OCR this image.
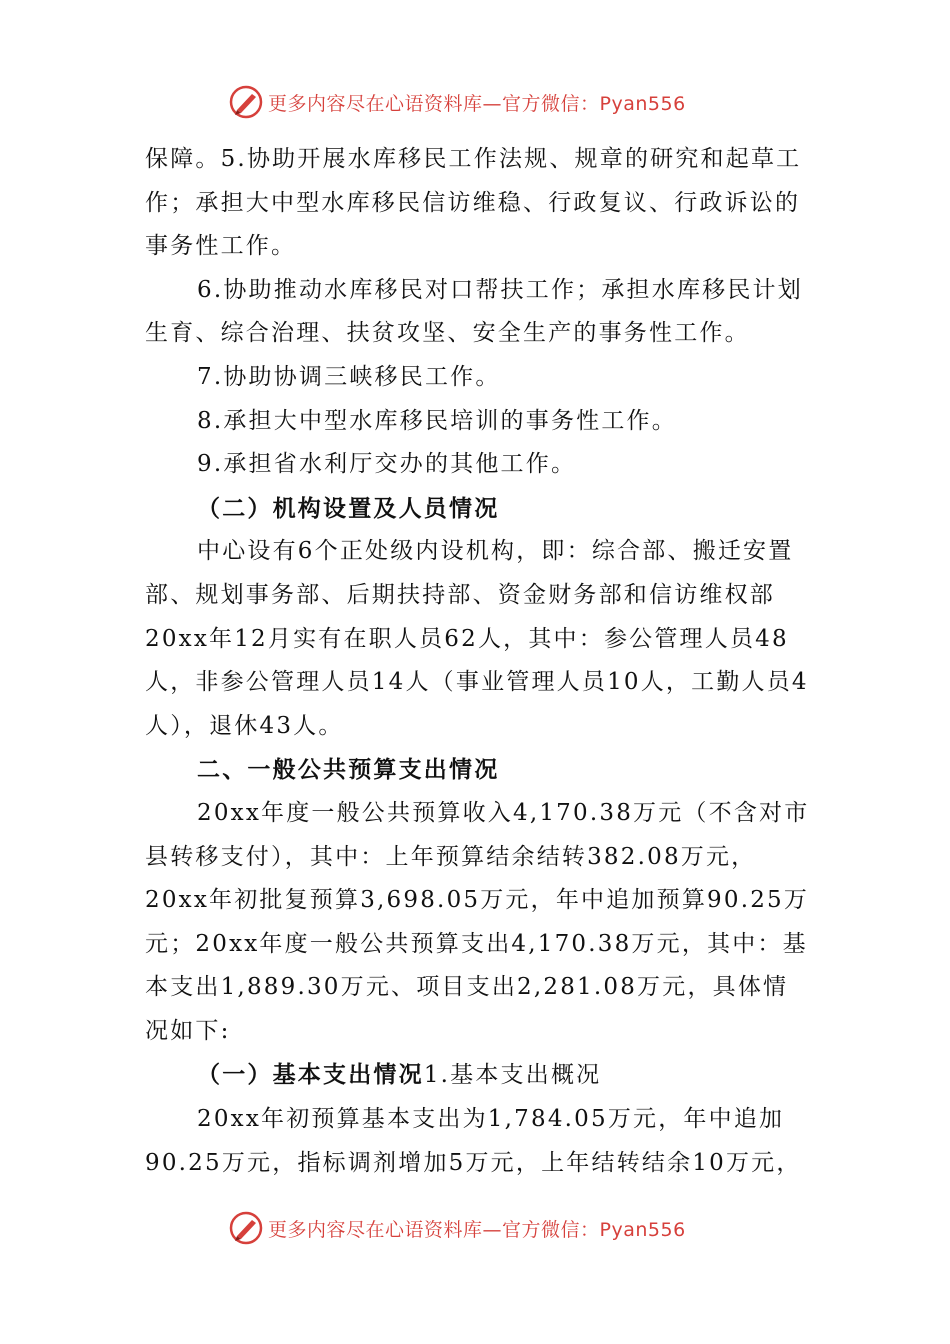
更多内容尽在心语资料库—官方微信：Pyan556

保障。5.协助开展水库移民工作法规、规章的研究和起草工作；承担大中型水库移民信访维稳、行政复议、行政诉讼的事务性工作。

6.协助推动水库移民对口帮扶工作；承担水库移民计划生育、综合治理、扶贫攻坚、安全生产的事务性工作。

7.协助协调三峡移民工作。

8.承担大中型水库移民培训的事务性工作。

9.承担省水利厅交办的其他工作。

（二）机构设置及人员情况

中心设有6个正处级内设机构，即：综合部、搬迁安置部、规划事务部、后期扶持部、资金财务部和信访维权部20xx年12月实有在职人员62人，其中：参公管理人员48人，非参公管理人员14人（事业管理人员10人，工勤人员4人），退休43人。

二、一般公共预算支出情况

20xx年度一般公共预算收入4,170.38万元（不含对市县转移支付），其中：上年预算结余结转382.08万元，20xx年初批复预算3,698.05万元，年中追加预算90.25万元；20xx年度一般公共预算支出4,170.38万元，其中：基本支出1,889.30万元、项目支出2,281.08万元，具体情况如下:

（一）基本支出情况1.基本支出概况

20xx年初预算基本支出为1,784.05万元，年中追加90.25万元，指标调剂增加5万元，上年结转结余10万元，

更多内容尽在心语资料库—官方微信：Pyan556
